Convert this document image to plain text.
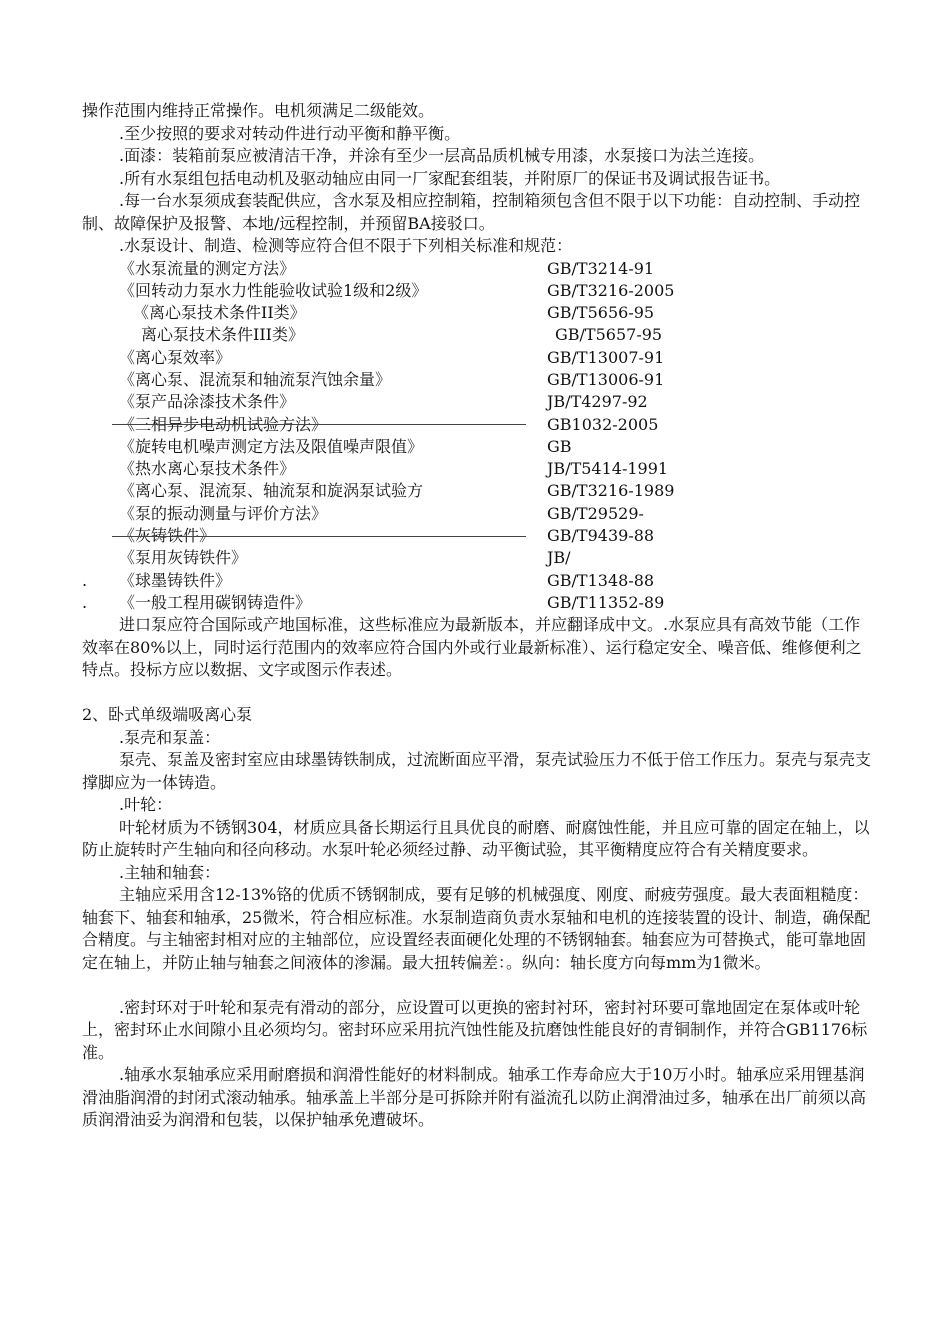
操作范围内维持正常操作。电机须满足二级能效。

.至少按照的要求对转动件进行动平衡和静平衡。

.面漆：装箱前泵应被清洁干净，并涂有至少一层高品质机械专用漆，水泵接口为法兰连接。

.所有水泵组包括电动机及驱动轴应由同一厂家配套组装，并附原厂的保证书及调试报告证书。

.每一台水泵须成套装配供应，含水泵及相应控制箱，控制箱须包含但不限于以下功能：自动控制、手动控制、故障保护及报警、本地/远程控制，并预留BA接驳口。

.水泵设计、制造、检测等应符合但不限于下列相关标准和规范：

《水泵流量的测定方法》	GB/T3214-91
《回转动力泵水力性能验收试验1级和2级》	GB/T3216-2005
《离心泵技术条件II类》	GB/T5656-95
离心泵技术条件III类》	GB/T5657-95
《离心泵效率》	GB/T13007-91
《离心泵、混流泵和轴流泵汽蚀余量》	GB/T13006-91
《泵产品涂漆技术条件》	JB/T4297-92
《三相异步电动机试验方法》	GB1032-2005
《旋转电机噪声测定方法及限值噪声限值》	GB
《热水离心泵技术条件》	JB/T5414-1991
《离心泵、混流泵、轴流泵和旋涡泵试验方	GB/T3216-1989
《泵的振动测量与评价方法》	GB/T29529-
《灰铸铁件》	GB/T9439-88
《泵用灰铸铁件》	JB/
.	《球墨铸铁件》	GB/T1348-88
.	《一般工程用碳钢铸造件》	GB/T11352-89

进口泵应符合国际或产地国标准，这些标准应为最新版本，并应翻译成中文。.水泵应具有高效节能（工作效率在80%以上，同时运行范围内的效率应符合国内外或行业最新标准）、运行稳定安全、噪音低、维修便利之特点。投标方应以数据、文字或图示作表述。

2、卧式单级端吸离心泵

.泵壳和泵盖：

泵壳、泵盖及密封室应由球墨铸铁制成，过流断面应平滑，泵壳试验压力不低于倍工作压力。泵壳与泵壳支撑脚应为一体铸造。

.叶轮：

叶轮材质为不锈钢304，材质应具备长期运行且具优良的耐磨、耐腐蚀性能，并且应可靠的固定在轴上，以防止旋转时产生轴向和径向移动。水泵叶轮必须经过静、动平衡试验，其平衡精度应符合有关精度要求。

.主轴和轴套：

主轴应采用含12-13%铬的优质不锈钢制成，要有足够的机械强度、刚度、耐疲劳强度。最大表面粗糙度：轴套下、轴套和轴承，25微米，符合相应标准。水泵制造商负责水泵轴和电机的连接装置的设计、制造，确保配合精度。与主轴密封相对应的主轴部位，应设置经表面硬化处理的不锈钢轴套。轴套应为可替换式，能可靠地固定在轴上，并防止轴与轴套之间液体的渗漏。最大扭转偏差：。纵向：轴长度方向每mm为1微米。

.密封环对于叶轮和泵壳有滑动的部分，应设置可以更换的密封衬环，密封衬环要可靠地固定在泵体或叶轮上，密封环止水间隙小且必须均匀。密封环应采用抗汽蚀性能及抗磨蚀性能良好的青铜制作，并符合GB1176标准。

.轴承水泵轴承应采用耐磨损和润滑性能好的材料制成。轴承工作寿命应大于10万小时。轴承应采用锂基润滑油脂润滑的封闭式滚动轴承。轴承盖上半部分是可拆除并附有溢流孔以防止润滑油过多，轴承在出厂前须以高质润滑油妥为润滑和包装，以保护轴承免遭破坏。
